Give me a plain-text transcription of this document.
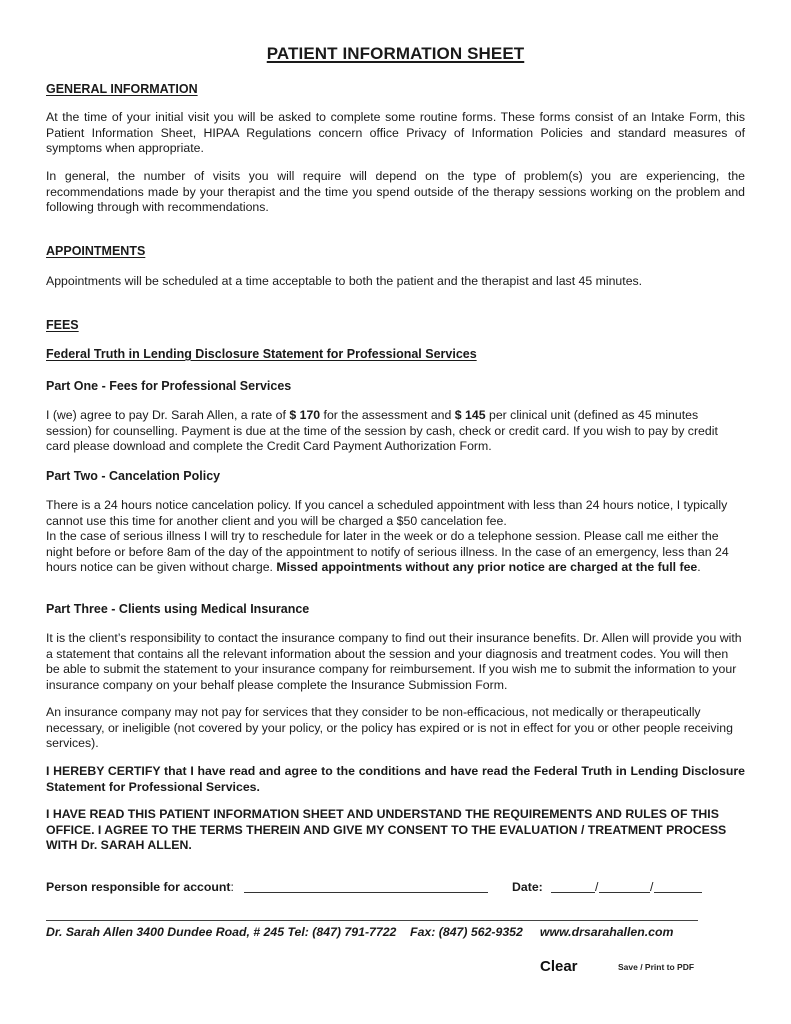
PATIENT INFORMATION SHEET
GENERAL INFORMATION
At the time of your initial visit you will be asked to complete some routine forms. These forms consist of an Intake Form, this Patient Information Sheet, HIPAA Regulations concern office Privacy of Information Policies and standard measures of symptoms when appropriate.
In general, the number of visits you will require will depend on the type of problem(s) you are experiencing, the recommendations made by your therapist and the time you spend outside of the therapy sessions working on the problem and following through with recommendations.
APPOINTMENTS
Appointments will be scheduled at a time acceptable to both the patient and the therapist and last 45 minutes.
FEES
Federal Truth in Lending Disclosure Statement for Professional Services
Part One - Fees for Professional Services
I (we) agree to pay Dr. Sarah Allen, a rate of $ 170 for the assessment and $ 145 per clinical unit (defined as 45 minutes session) for counselling. Payment is due at the time of the session by cash, check or credit card. If you wish to pay by credit card please download and complete the Credit Card Payment Authorization Form.
Part Two - Cancelation Policy
There is a 24 hours notice cancelation policy. If you cancel a scheduled appointment with less than 24 hours notice, I typically cannot use this time for another client and you will be charged a $50 cancelation fee.
In the case of serious illness I will try to reschedule for later in the week or do a telephone session. Please call me either the night before or before 8am of the day of the appointment to notify of serious illness. In the case of an emergency, less than 24 hours notice can be given without charge. Missed appointments without any prior notice are charged at the full fee.
Part Three - Clients using Medical Insurance
It is the client’s responsibility to contact the insurance company to find out their insurance benefits. Dr. Allen will provide you with a statement that contains all the relevant information about the session and your diagnosis and treatment codes. You will then be able to submit the statement to your insurance company for reimbursement. If you wish me to submit the information to your insurance company on your behalf please complete the Insurance Submission Form.
An insurance company may not pay for services that they consider to be non-efficacious, not medically or therapeutically necessary, or ineligible (not covered by your policy, or the policy has expired or is not in effect for you or other people receiving services).
I HEREBY CERTIFY that I have read and agree to the conditions and have read the Federal Truth in Lending Disclosure Statement for Professional Services.
I HAVE READ THIS PATIENT INFORMATION SHEET AND UNDERSTAND THE REQUIREMENTS AND RULES OF THIS OFFICE. I AGREE TO THE TERMS THEREIN AND GIVE MY CONSENT TO THE EVALUATION / TREATMENT PROCESS WITH Dr. SARAH ALLEN.
Person responsible for account:	Date:	/	/
Dr. Sarah Allen 3400 Dundee Road, # 245 Tel: (847) 791-7722    Fax: (847) 562-9352     www.drsarahallen.com
Clear	Save / Print to PDF
